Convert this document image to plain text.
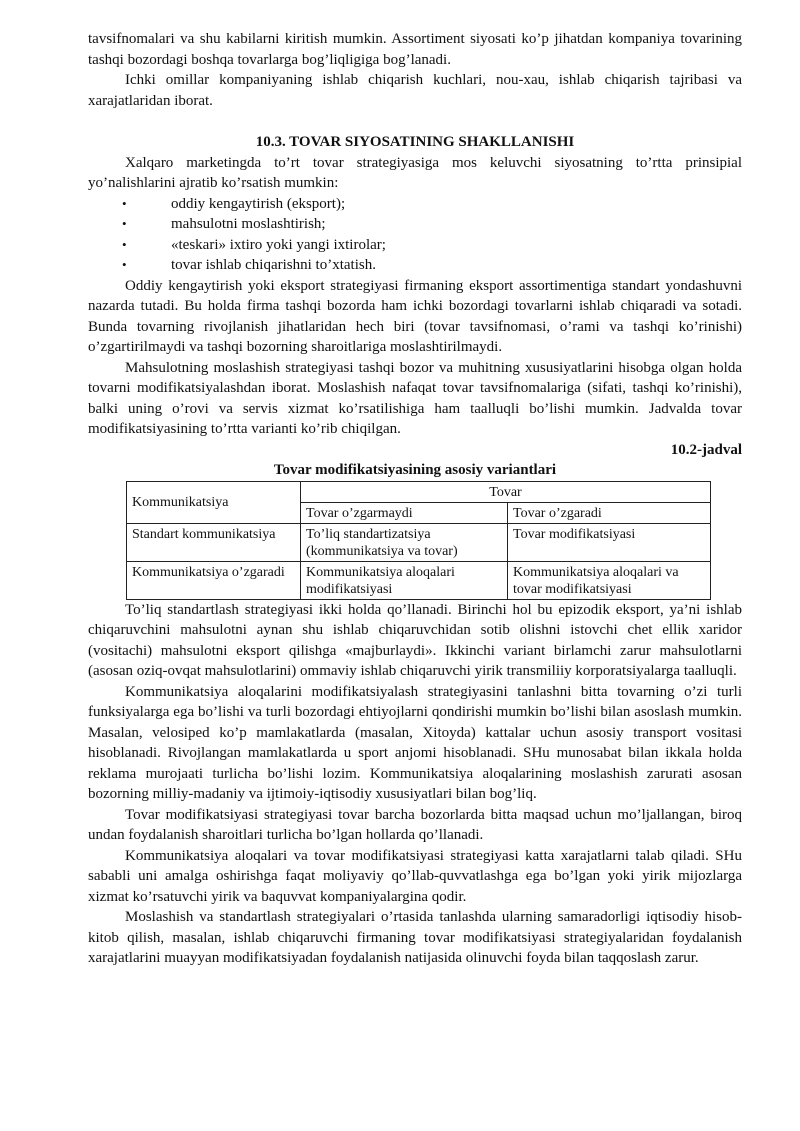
tavsifnomalari va shu kabilarni kiritish mumkin. Assortiment siyosati ko’p jihatdan kompaniya tovarining tashqi bozordagi boshqa tovarlarga bog’liqligiga bog’lanadi.

Ichki omillar kompaniyaning ishlab chiqarish kuchlari, nou-xau, ishlab chiqarish tajribasi va xarajatlaridan iborat.

10.3. TOVAR SIYOSATINING SHAKLLANISHI

Xalqaro marketingda to’rt tovar strategiyasiga mos keluvchi siyosatning to’rtta prinsipial yo’nalishlarini ajratib ko’rsatish mumkin:

•	oddiy kengaytirish (eksport);
•	mahsulotni moslashtirish;
•	«teskari» ixtiro yoki yangi ixtirolar;
•	tovar ishlab chiqarishni to’xtatish.

Oddiy kengaytirish yoki eksport strategiyasi firmaning eksport assortimentiga standart yondashuvni nazarda tutadi. Bu holda firma tashqi bozorda ham ichki bozordagi tovarlarni ishlab chiqaradi va sotadi. Bunda tovarning rivojlanish jihatlaridan hech biri (tovar tavsifnomasi, o’rami va tashqi ko’rinishi) o’zgartirilmaydi va tashqi bozorning sharoitlariga moslashtirilmaydi.

Mahsulotning moslashish strategiyasi tashqi bozor va muhitning xususiyatlarini hisobga olgan holda tovarni modifikatsiyalashdan iborat. Moslashish nafaqat tovar tavsifnomalariga (sifati, tashqi ko’rinishi), balki uning o’rovi va servis xizmat ko’rsatilishiga ham taalluqli bo’lishi mumkin. Jadvalda tovar modifikatsiyasining to’rtta varianti ko’rib chiqilgan.

10.2-jadval

Tovar modifikatsiyasining asosiy variantlari

Kommunikatsiya	Tovar	
	Tovar o’zgarmaydi	Tovar o’zgaradi
Standart kommunikatsiya	To’liq standartizatsiya (kommunikatsiya va tovar)	Tovar modifikatsiyasi
Kommunikatsiya o’zgaradi	Kommunikatsiya aloqalari modifikatsiyasi	Kommunikatsiya aloqalari va tovar modifikatsiyasi

To’liq standartlash strategiyasi ikki holda qo’llanadi. Birinchi hol bu epizodik eksport, ya’ni ishlab chiqaruvchini mahsulotni aynan shu ishlab chiqaruvchidan sotib olishni istovchi chet ellik xaridor (vositachi) mahsulotni eksport qilishga «majburlaydi». Ikkinchi variant birlamchi zarur mahsulotlarni (asosan oziq-ovqat mahsulotlarini) ommaviy ishlab chiqaruvchi yirik transmiliiy korporatsiyalarga taalluqli.

Kommunikatsiya aloqalarini modifikatsiyalash strategiyasini tanlashni bitta tovarning o’zi turli funksiyalarga ega bo’lishi va turli bozordagi ehtiyojlarni qondirishi mumkin bo’lishi bilan asoslash mumkin. Masalan, velosiped ko’p mamlakatlarda (masalan, Xitoyda) kattalar uchun asosiy transport vositasi hisoblanadi. Rivojlangan mamlakatlarda u sport anjomi hisoblanadi. SHu munosabat bilan ikkala holda reklama murojaati turlicha bo’lishi lozim. Kommunikatsiya aloqalarining moslashish zarurati asosan bozorning milliy-madaniy va ijtimoiy-iqtisodiy xususiyatlari bilan bog’liq.

Tovar modifikatsiyasi strategiyasi tovar barcha bozorlarda bitta maqsad uchun mo’ljallangan, biroq undan foydalanish sharoitlari turlicha bo’lgan hollarda qo’llanadi.

Kommunikatsiya aloqalari va tovar modifikatsiyasi strategiyasi katta xarajatlarni talab qiladi. SHu sababli uni amalga oshirishga faqat moliyaviy qo’llab-quvvatlashga ega bo’lgan yoki yirik mijozlarga xizmat ko’rsatuvchi yirik va baquvvat kompaniyalargina qodir.

Moslashish va standartlash strategiyalari o’rtasida tanlashda ularning samaradorligi iqtisodiy hisob-kitob qilish, masalan, ishlab chiqaruvchi firmaning tovar modifikatsiyasi strategiyalaridan foydalanish xarajatlarini muayyan modifikatsiyadan foydalanish natijasida olinuvchi foyda bilan taqqoslash zarur.
